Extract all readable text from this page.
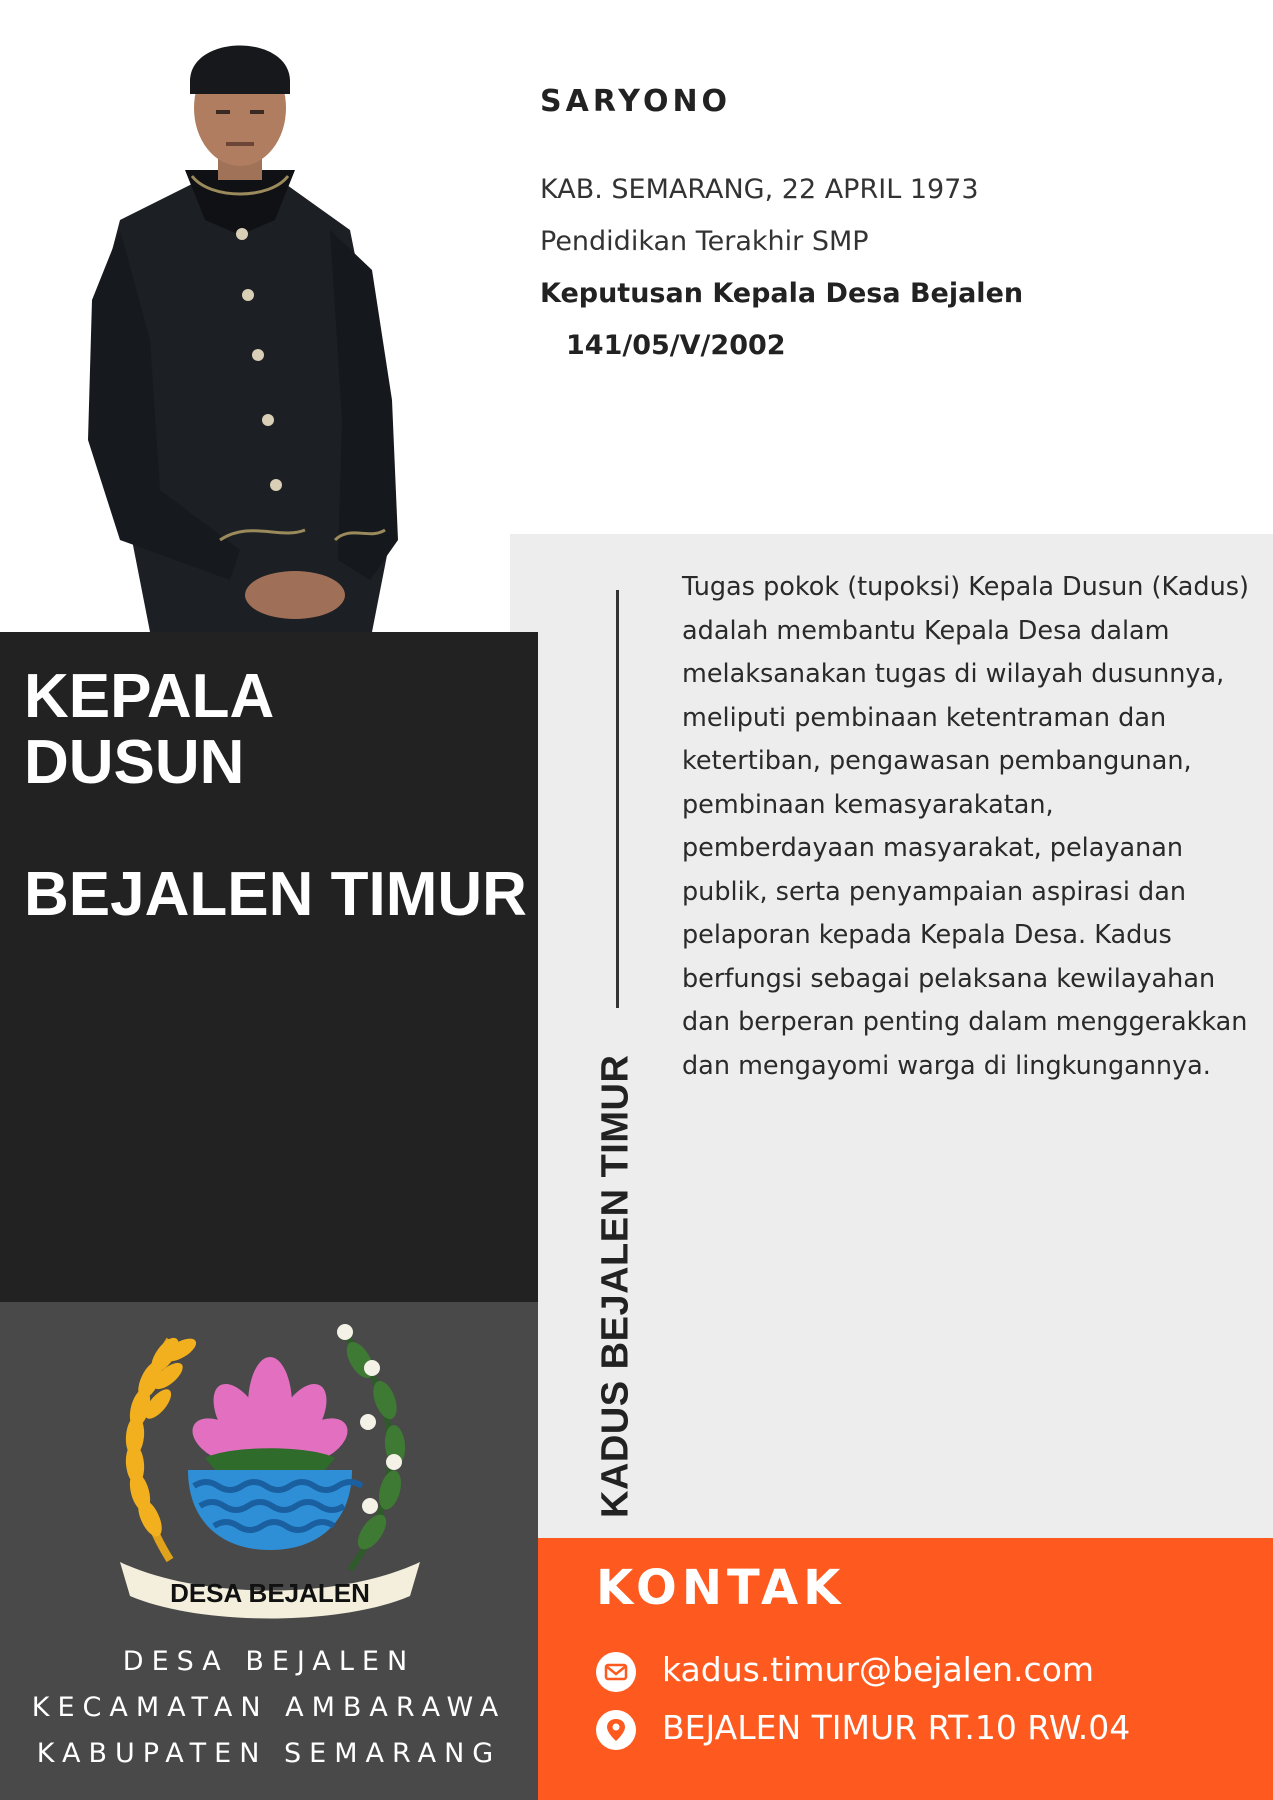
SARYONO
KAB. SEMARANG, 22 APRIL 1973
Pendidikan Terakhir SMP
Keputusan Kepala Desa Bejalen
141/05/V/2002
KADUS BEJALEN TIMUR
Tugas pokok (tupoksi) Kepala Dusun (Kadus) adalah membantu Kepala Desa dalam melaksanakan tugas di wilayah dusunnya, meliputi pembinaan ketentraman dan ketertiban, pengawasan pembangunan, pembinaan kemasyarakatan, pemberdayaan masyarakat, pelayanan publik, serta penyampaian aspirasi dan pelaporan kepada Kepala Desa. Kadus berfungsi sebagai pelaksana kewilayahan dan berperan penting dalam menggerakkan dan mengayomi warga di lingkungannya.
KEPALA
DUSUN
BEJALEN TIMUR
DESA BEJALEN
DESA BEJALEN
KECAMATAN AMBARAWA
KABUPATEN SEMARANG
KONTAK
kadus.timur@bejalen.com
BEJALEN TIMUR RT.10 RW.04
